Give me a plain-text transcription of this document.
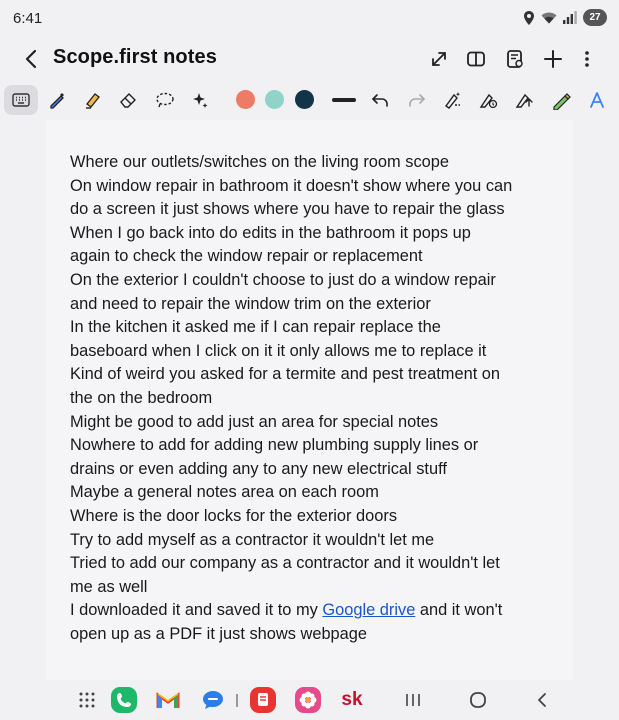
6:41	27
Scope.first notes
Where our outlets/switches on the living room scope
On window repair in bathroom it doesn't show where you can
do a screen it just shows where you have to repair the glass
When I go back into do edits in the bathroom it pops up
again to check the window repair or replacement
On the exterior I couldn't choose to just do a window repair
and need to repair the window trim on the exterior
In the kitchen it asked me if I can repair replace the
baseboard when I click on it it only allows me to replace it
Kind of weird you asked for a termite and pest treatment on
the on the bedroom
Might be good to add just an area for special notes
Nowhere to add for adding new plumbing supply lines or
drains or even adding any to any new electrical stuff
Maybe a general notes area on each room
Where is the door locks for the exterior doors
Try to add myself as a contractor it wouldn't let me
Tried to add our company as a contractor and it wouldn't let
me as well
I downloaded it and saved it to my Google drive and it won't
open up as a PDF it just shows webpage
sk
